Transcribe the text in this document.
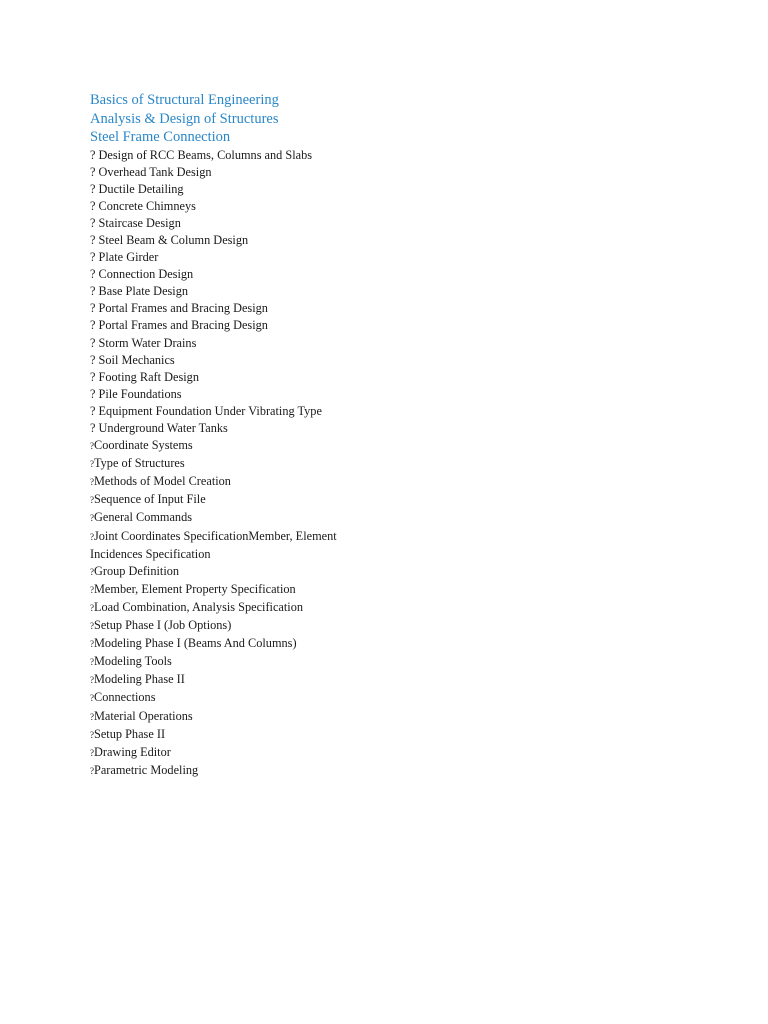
Basics of Structural Engineering
Analysis & Design of Structures
Steel Frame Connection
? Design of RCC Beams, Columns and Slabs
? Overhead Tank Design
? Ductile Detailing
? Concrete Chimneys
? Staircase Design
? Steel Beam & Column Design
? Plate Girder
? Connection Design
? Base Plate Design
? Portal Frames and Bracing Design
? Portal Frames and Bracing Design
? Storm Water Drains
? Soil Mechanics
? Footing Raft Design
? Pile Foundations
? Equipment Foundation Under Vibrating Type
? Underground Water Tanks
?Coordinate Systems
?Type of Structures
?Methods of Model Creation
?Sequence of Input File
?General Commands
?Joint Coordinates SpecificationMember, Element Incidences Specification
?Group Definition
?Member, Element Property Specification
?Load Combination, Analysis Specification
?Setup Phase I (Job Options)
?Modeling Phase I (Beams And Columns)
?Modeling Tools
?Modeling Phase II
?Connections
?Material Operations
?Setup Phase II
?Drawing Editor
?Parametric Modeling
